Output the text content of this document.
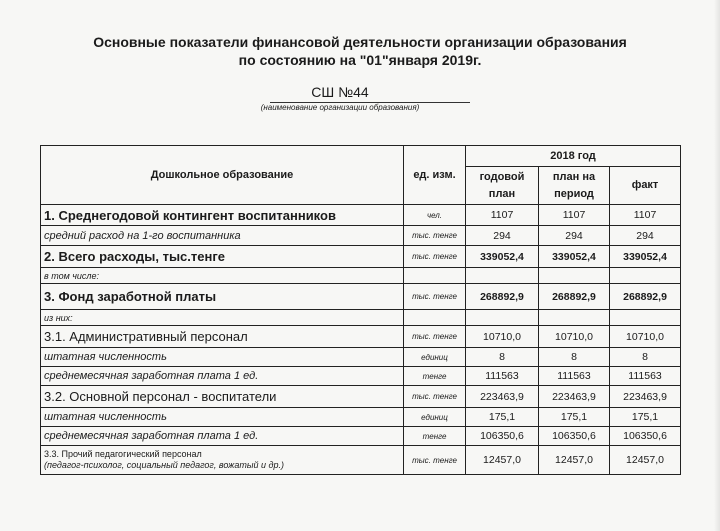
Основные показатели финансовой деятельности организации образования
по состоянию на "01"января 2019г.
СШ №44
(наименование организации образования)
Дошкольное образование	ед. изм.	2018 год		
		годовой план	план на период	факт
1. Среднегодовой контингент воспитанников	чел.	1107	1107	1107
средний расход на 1-го воспитанника	тыс. тенге	294	294	294
2. Всего расходы, тыс.тенге	тыс. тенге	339052,4	339052,4	339052,4
в том числе:				
3. Фонд заработной платы	тыс. тенге	268892,9	268892,9	268892,9
из них:				
3.1. Административный персонал	тыс. тенге	10710,0	10710,0	10710,0
штатная численность	единиц	8	8	8
среднемесячная заработная плата 1 ед.	тенге	111563	111563	111563
3.2. Основной персонал - воспитатели	тыс. тенге	223463,9	223463,9	223463,9
штатная численность	единиц	175,1	175,1	175,1
среднемесячная заработная плата 1 ед.	тенге	106350,6	106350,6	106350,6

3.3. Прочий педагогический персонал
(педагог-психолог, социальный педагог, вожатый и др.)	тыс. тенге	12457,0	12457,0	12457,0
